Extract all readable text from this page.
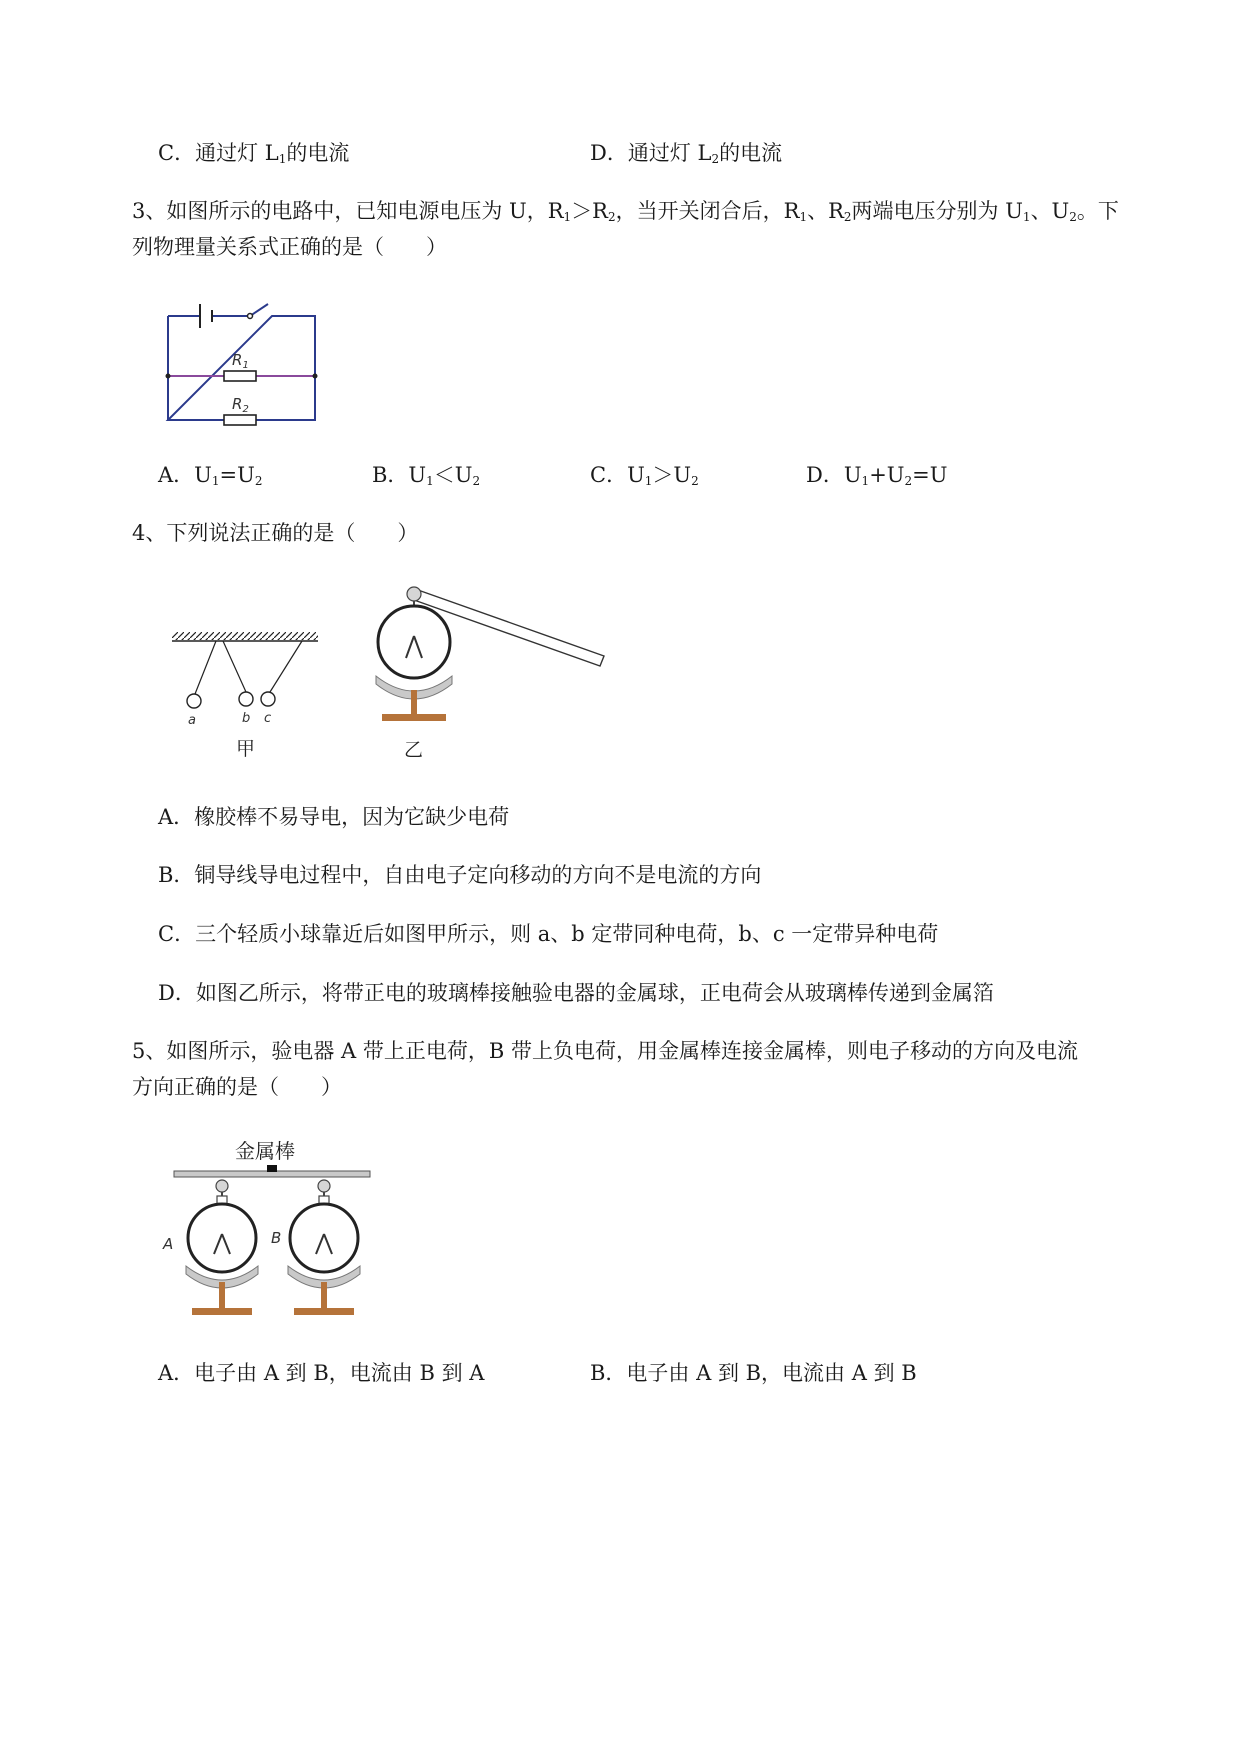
C．通过灯 $L_1$的电流	D．通过灯 $L_2$的电流
3、如图所示的电路中，已知电源电压为 U，$R_1>R_2$，当开关闭合后，$R_1$、$R_2$两端电压分别为 $U_1$、$U_2$。下
列物理量关系式正确的是（　　）
$R_1$
$R_2$
A．$U_1=U_2$	B．$U_1<U_2$	C．$U_1>U_2$	D．$U_1+U_2=U$
4、下列说法正确的是（　　）
a	b c
甲	乙
A．橡胶棒不易导电，因为它缺少电荷
B．铜导线导电过程中，自由电子定向移动的方向不是电流的方向
C．三个轻质小球靠近后如图甲所示，则 a、b 定带同种电荷，b、c 一定带异种电荷
D．如图乙所示，将带正电的玻璃棒接触验电器的金属球，正电荷会从玻璃棒传递到金属箔
5、如图所示，验电器 A 带上正电荷，B 带上负电荷，用金属棒连接金属棒，则电子移动的方向及电流
方向正确的是（　　）
金属棒
A	B
A．电子由 A 到 B，电流由 B 到 A	B．电子由 A 到 B，电流由 A 到 B
